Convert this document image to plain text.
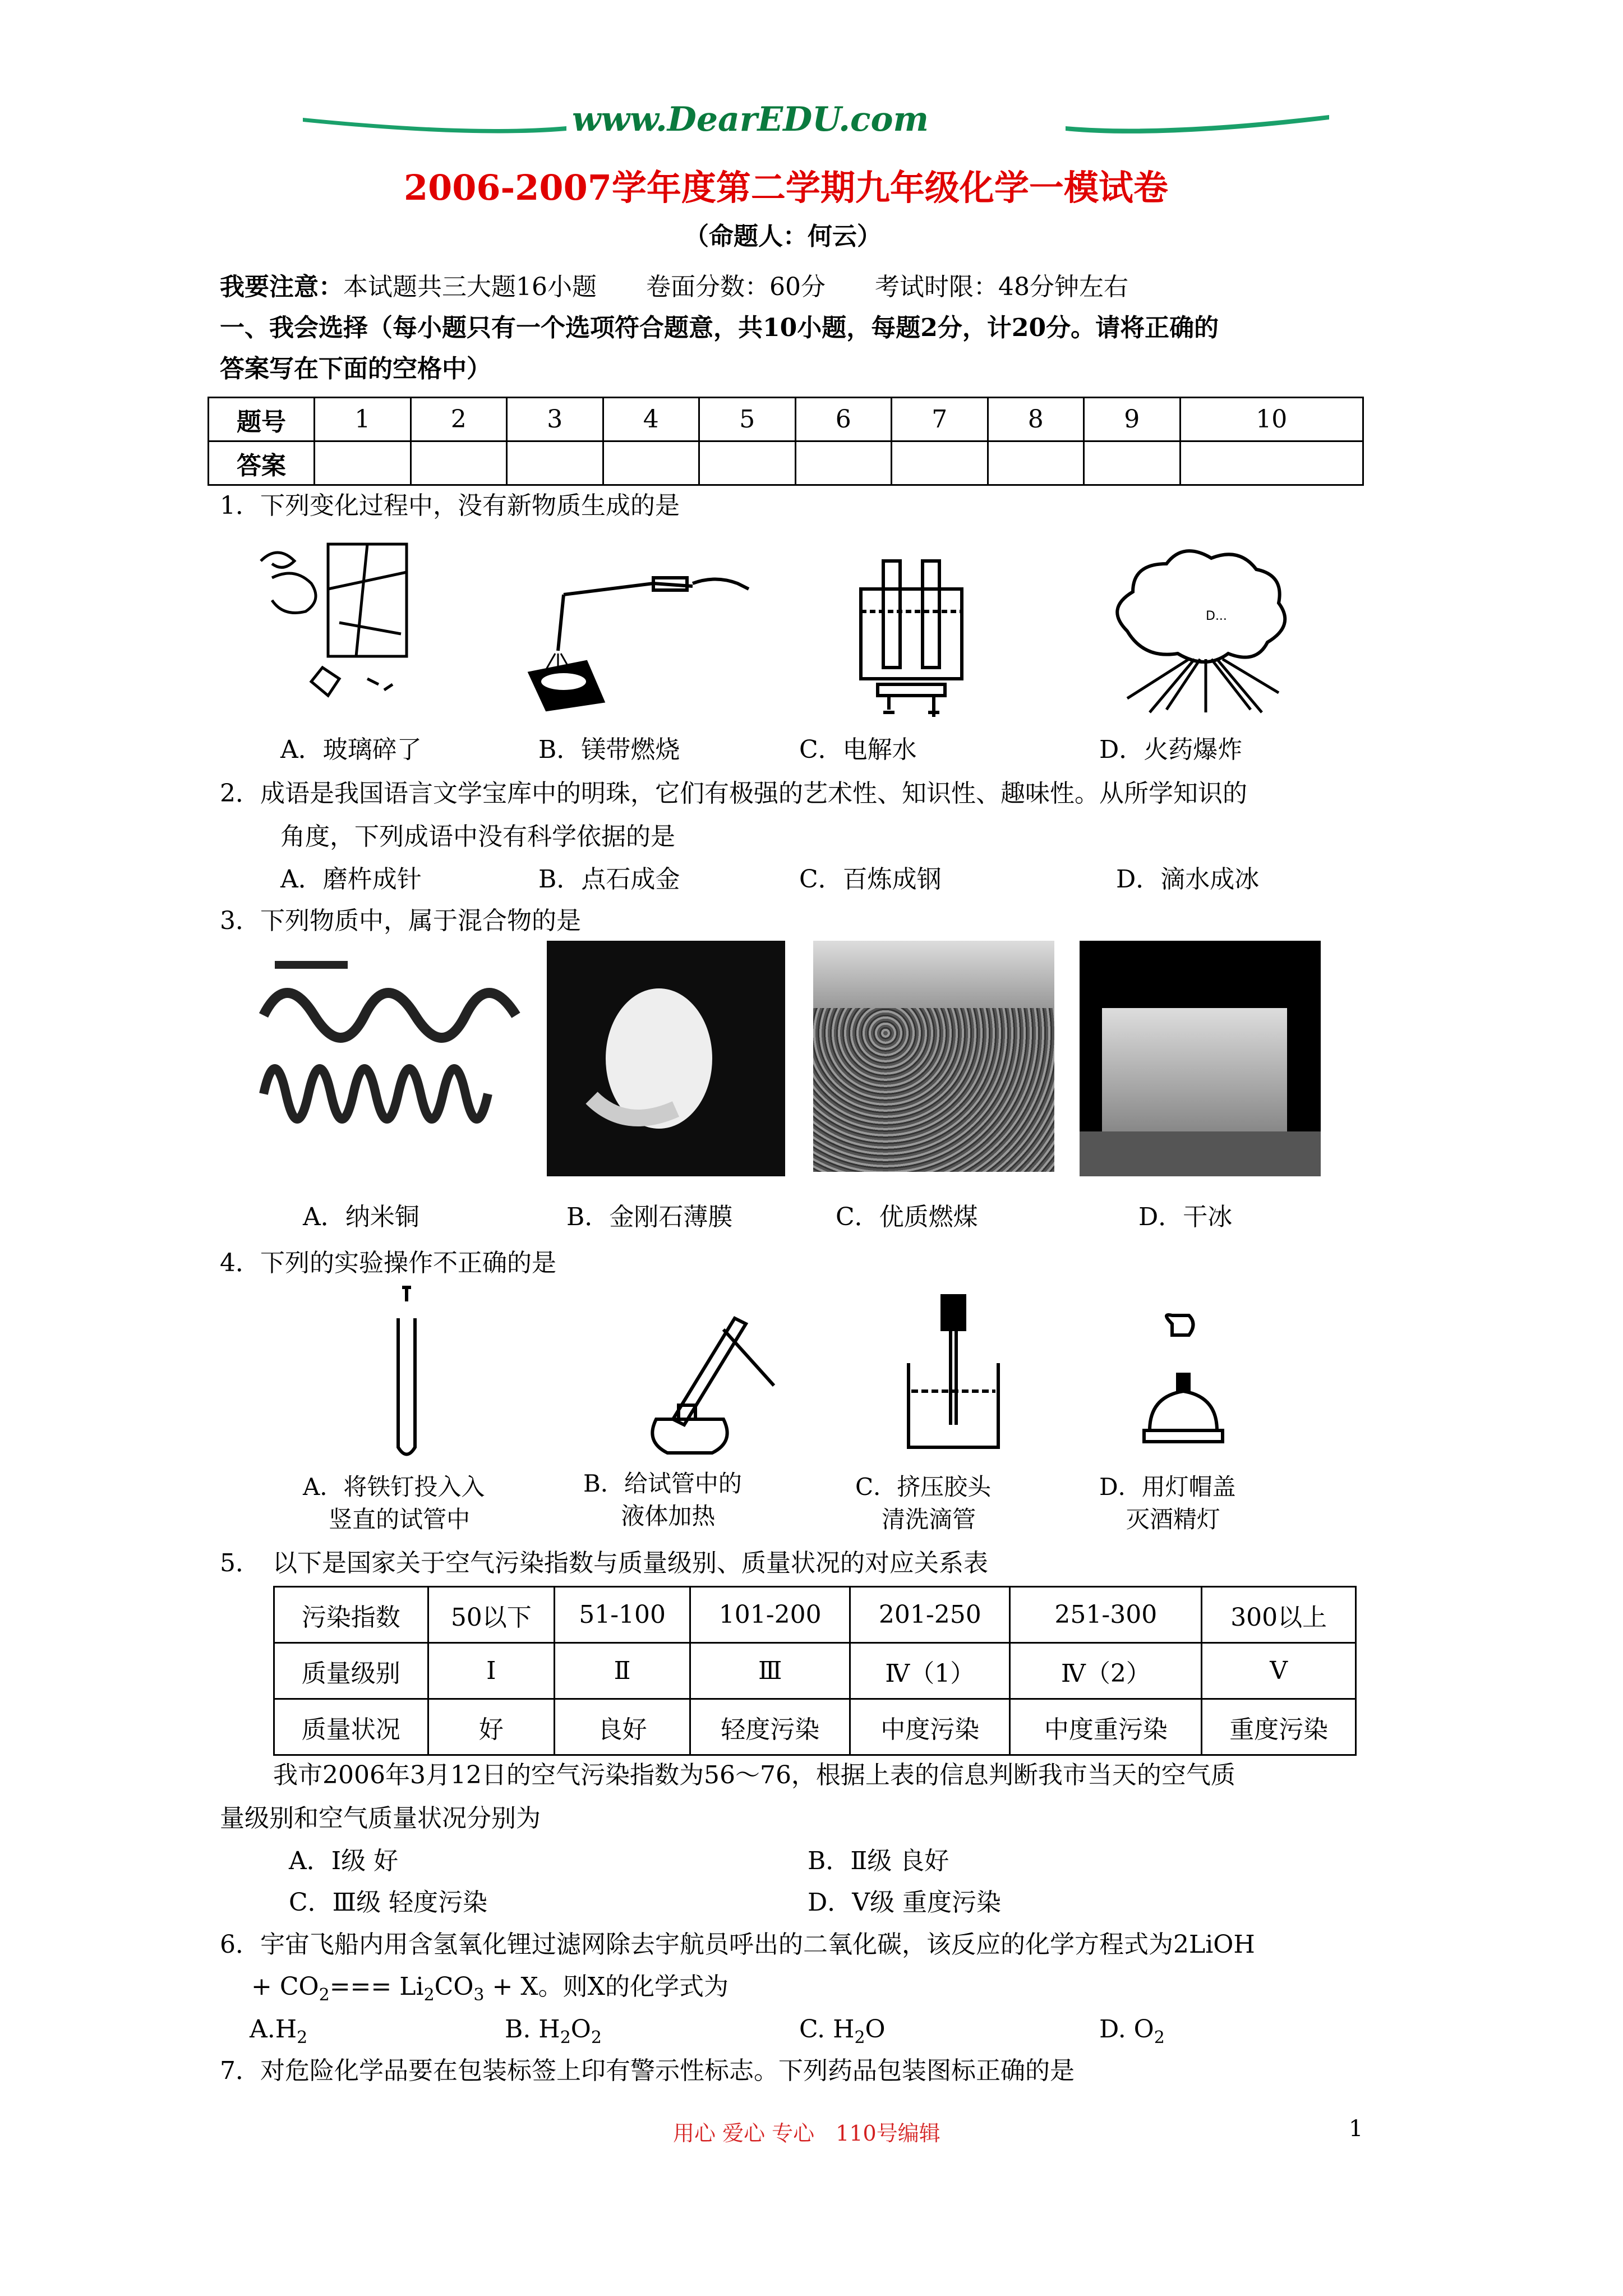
www.DearEDU.com
2006-2007学年度第二学期九年级化学一模试卷
（命题人：何云）
我要注意：本试题共三大题16小题　　卷面分数：60分　　考试时限：48分钟左右
一、我会选择（每小题只有一个选项符合题意，共10小题，每题2分，计20分。请将正确的
答案写在下面的空格中）
题号	1	2	3	4	5	6	7	8	9	10
答案										
1．下列变化过程中，没有新物质生成的是
D...
A．玻璃碎了	B．镁带燃烧	C．电解水	D．火药爆炸
2．成语是我国语言文学宝库中的明珠，它们有极强的艺术性、知识性、趣味性。从所学知识的
角度，下列成语中没有科学依据的是
A．磨杵成针	B．点石成金	C．百炼成钢	D．滴水成冰
3．下列物质中，属于混合物的是
A．纳米铜	B．金刚石薄膜	C．优质燃煤	D．干冰
4．下列的实验操作不正确的是
A．将铁钉投入入
竖直的试管中
B．给试管中的
液体加热
C．挤压胶头
清洗滴管
D．用灯帽盖
灭酒精灯
5．　以下是国家关于空气污染指数与质量级别、质量状况的对应关系表
污染指数	50以下	51-100	101-200	201-250	251-300	300以上
质量级别	Ⅰ	Ⅱ	Ⅲ	Ⅳ（1）	Ⅳ（2）	Ⅴ
质量状况	好	良好	轻度污染	中度污染	中度重污染	重度污染
我市2006年3月12日的空气污染指数为56～76，根据上表的信息判断我市当天的空气质
量级别和空气质量状况分别为
A．Ⅰ级 好	B．Ⅱ级 良好
C．Ⅲ级 轻度污染	D．Ⅴ级 重度污染
6．宇宙飞船内用含氢氧化锂过滤网除去宇航员呼出的二氧化碳，该反应的化学方程式为2LiOH
+ $CO_2=== Li_2CO_3 + X$。则X的化学式为
$A.H_2$	B. $H_2O_2$	C. $H_2O$	D. $O_2$
7．对危险化学品要在包装标签上印有警示性标志。下列药品包装图标正确的是
用心 爱心 专心　110号编辑	1
